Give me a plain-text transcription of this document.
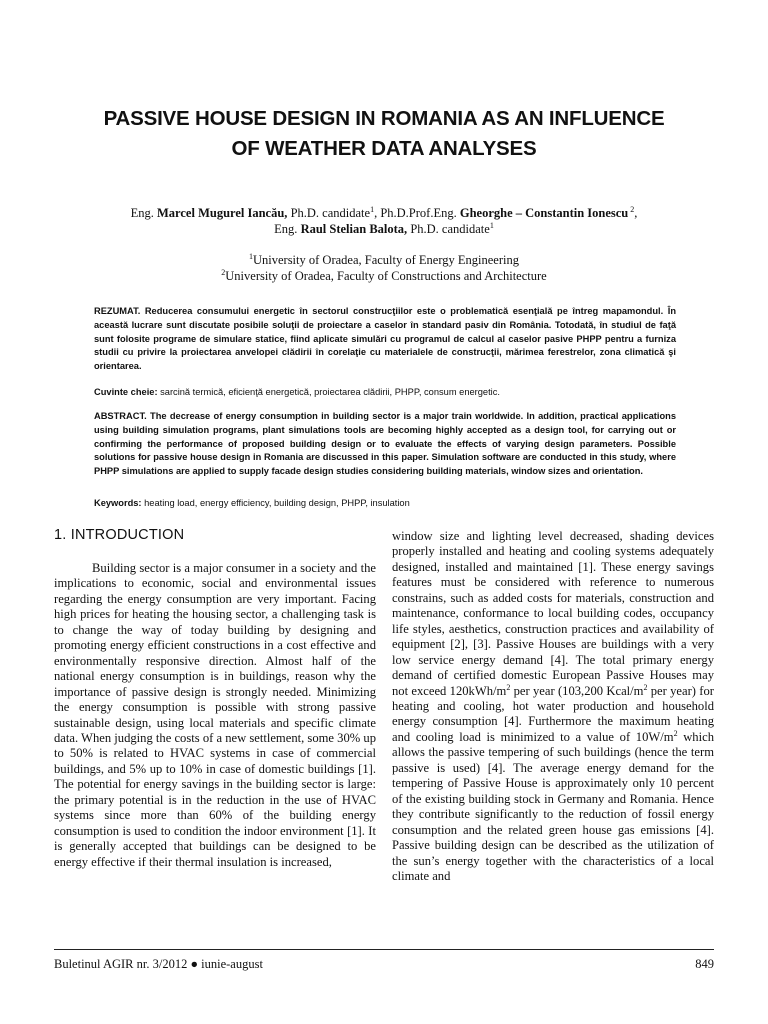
PASSIVE HOUSE DESIGN IN ROMANIA AS AN INFLUENCE
OF WEATHER DATA ANALYSES
Eng. Marcel Mugurel Iancău, Ph.D. candidate$^1$, Ph.D.Prof.Eng. Gheorghe – Constantin Ionescu $^2$,
Eng. Raul Stelian Balota, Ph.D. candidate$^1$
$^1$University of Oradea, Faculty of Energy Engineering
$^2$University of Oradea, Faculty of Constructions and Architecture
REZUMAT. Reducerea consumului energetic în sectorul construcţiilor este o problematică esenţială pe întreg mapamondul. În această lucrare sunt discutate posibile soluţii de proiectare a caselor în standard pasiv din România. Totodată, în studiul de faţă sunt folosite programe de simulare statice, fiind aplicate simulări cu programul de calcul al caselor pasive PHPP pentru a furniza studii cu privire la proiectarea anvelopei clădirii în corelaţie cu materialele de construcţii, mărimea ferestrelor, zona climatică şi orientarea.
Cuvinte cheie: sarcină termică, eficienţă energetică, proiectarea clădirii, PHPP, consum energetic.
ABSTRACT. The decrease of energy consumption in building sector is a major train worldwide. In addition, practical applications using building simulation programs, plant simulations tools are becoming highly accepted as a design tool, for carrying out or confirming the performance of proposed building design or to evaluate the effects of varying design parameters. Possible solutions for passive house design in Romania are discussed in this paper. Simulation software are conducted in this study, where PHPP simulations are applied to supply facade design studies considering building materials, window sizes and orientation.
Keywords: heating load, energy efficiency, building design, PHPP, insulation
1. INTRODUCTION

Building sector is a major consumer in a society and the implications to economic, social and environmental issues regarding the energy consumption are very important. Facing high prices for heating the housing sector, a challenging task is to change the way of today building by designing and promoting energy efficient constructions in a cost effective and environmentally responsive direction. Almost half of the national energy consumption is in buildings, reason why the importance of passive design is strongly needed. Minimizing the energy consumption is possible with strong passive sustainable design, using local materials and specific climate data. When judging the costs of a new settlement, some 30% up to 50% is related to HVAC systems in case of commercial buildings, and 5% up to 10% in case of domestic buildings [1]. The potential for energy savings in the building sector is large: the primary potential is in the reduction in the use of HVAC systems since more than 60% of the building energy consumption is used to condition the indoor environment [1]. It is generally accepted that buildings can be designed to be energy effective if their thermal insulation is increased,

window size and lighting level decreased, shading devices properly installed and heating and cooling systems adequately designed, installed and maintained [1]. These energy savings features must be considered with reference to numerous constrains, such as added costs for materials, construction and maintenance, conformance to local building codes, occupancy life styles, aesthetics, construction practices and availability of equipment [2], [3]. Passive Houses are buildings with a very low service energy demand [4]. The total primary energy demand of certified domestic European Passive Houses may not exceed $120kWh/m^2$ per year (103,200 Kcal/$m^2$ per year) for heating and cooling, hot water production and household energy consumption [4]. Furthermore the maximum heating and cooling load is minimized to a value of $10W/m^2$ which allows the passive tempering of such buildings (hence the term passive is used) [4]. The average energy demand for the tempering of Passive House is approximately only 10 percent of the existing building stock in Germany and Romania. Hence they contribute significantly to the reduction of fossil energy consumption and the related green house gas emissions [4]. Passive building design can be described as the utilization of the sun’s energy together with the characteristics of a local climate and

Buletinul AGIR nr. 3/2012 ● iunie-august	849
